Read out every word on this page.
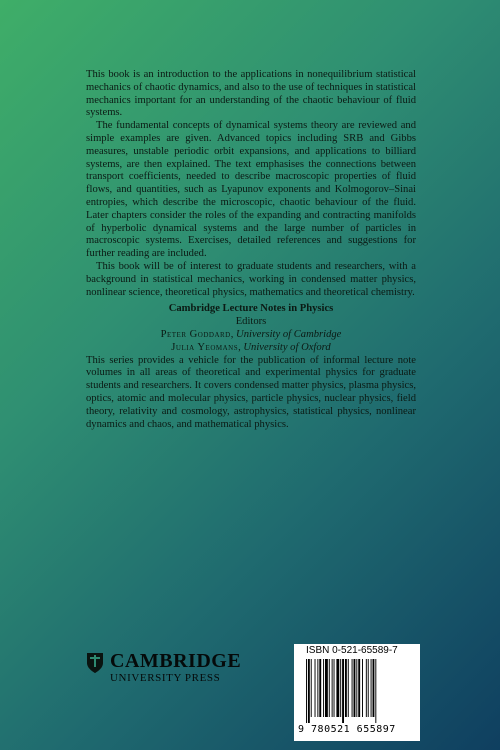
This book is an introduction to the applications in nonequilibrium statistical mechanics of chaotic dynamics, and also to the use of techniques in statistical mechanics important for an understanding of the chaotic behaviour of fluid systems.

The fundamental concepts of dynamical systems theory are reviewed and simple examples are given. Advanced topics including SRB and Gibbs measures, unstable periodic orbit expansions, and applications to billiard systems, are then explained. The text emphasises the connections between transport coefficients, needed to describe macroscopic properties of fluid flows, and quantities, such as Lyapunov exponents and Kolmogorov–Sinai entropies, which describe the microscopic, chaotic behaviour of the fluid. Later chapters consider the roles of the expanding and contracting manifolds of hyperbolic dynamical systems and the large number of particles in macroscopic systems. Exercises, detailed references and suggestions for further reading are included.

This book will be of interest to graduate students and researchers, with a background in statistical mechanics, working in condensed matter physics, nonlinear science, theoretical physics, mathematics and theoretical chemistry.

Cambridge Lecture Notes in Physics
Editors
Peter Goddard, University of Cambridge
Julia Yeomans, University of Oxford

This series provides a vehicle for the publication of informal lecture note volumes in all areas of theoretical and experimental physics for graduate students and researchers. It covers condensed matter physics, plasma physics, optics, atomic and molecular physics, particle physics, nuclear physics, field theory, relativity and cosmology, astrophysics, statistical physics, nonlinear dynamics and chaos, and mathematical physics.

CAMBRIDGE
UNIVERSITY PRESS
ISBN 0-521-65589-7
9 780521 655897
